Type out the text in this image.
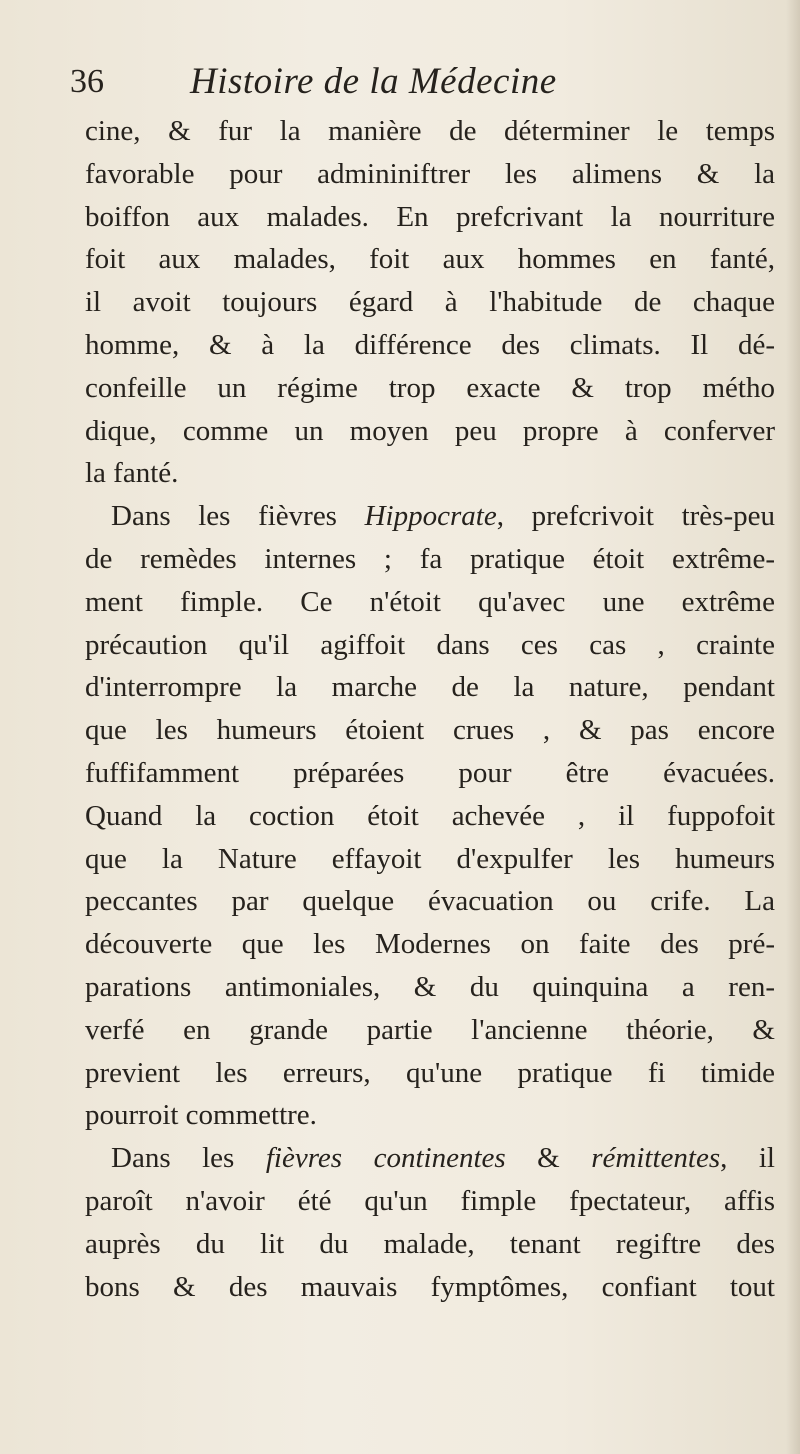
36 Histoire de la Médecine
cine, & fur la manière de déterminer le temps
favorable pour admininiftrer les alimens & la
boiffon aux malades. En prefcrivant la nourriture
foit aux malades, foit aux hommes en fanté,
il avoit toujours égard à l'habitude de chaque
homme, & à la différence des climats. Il dé-
confeille un régime trop exacte & trop métho
dique, comme un moyen peu propre à conferver
la fanté.
Dans les fièvres Hippocrate, prefcrivoit très-peu
de remèdes internes ; fa pratique étoit extrême-
ment fimple. Ce n'étoit qu'avec une extrême
précaution qu'il agiffoit dans ces cas , crainte
d'interrompre la marche de la nature, pendant
que les humeurs étoient crues , & pas encore
fuffifamment préparées pour être évacuées.
Quand la coction étoit achevée , il fuppofoit
que la Nature effayoit d'expulfer les humeurs
peccantes par quelque évacuation ou crife. La
découverte que les Modernes on faite des pré-
parations antimoniales, & du quinquina a ren-
verfé en grande partie l'ancienne théorie, &
previent les erreurs, qu'une pratique fi timide
pourroit commettre.
Dans les fièvres continentes & rémittentes, il
paroît n'avoir été qu'un fimple fpectateur, affis
auprès du lit du malade, tenant regiftre des
bons & des mauvais fymptômes, confiant tout
